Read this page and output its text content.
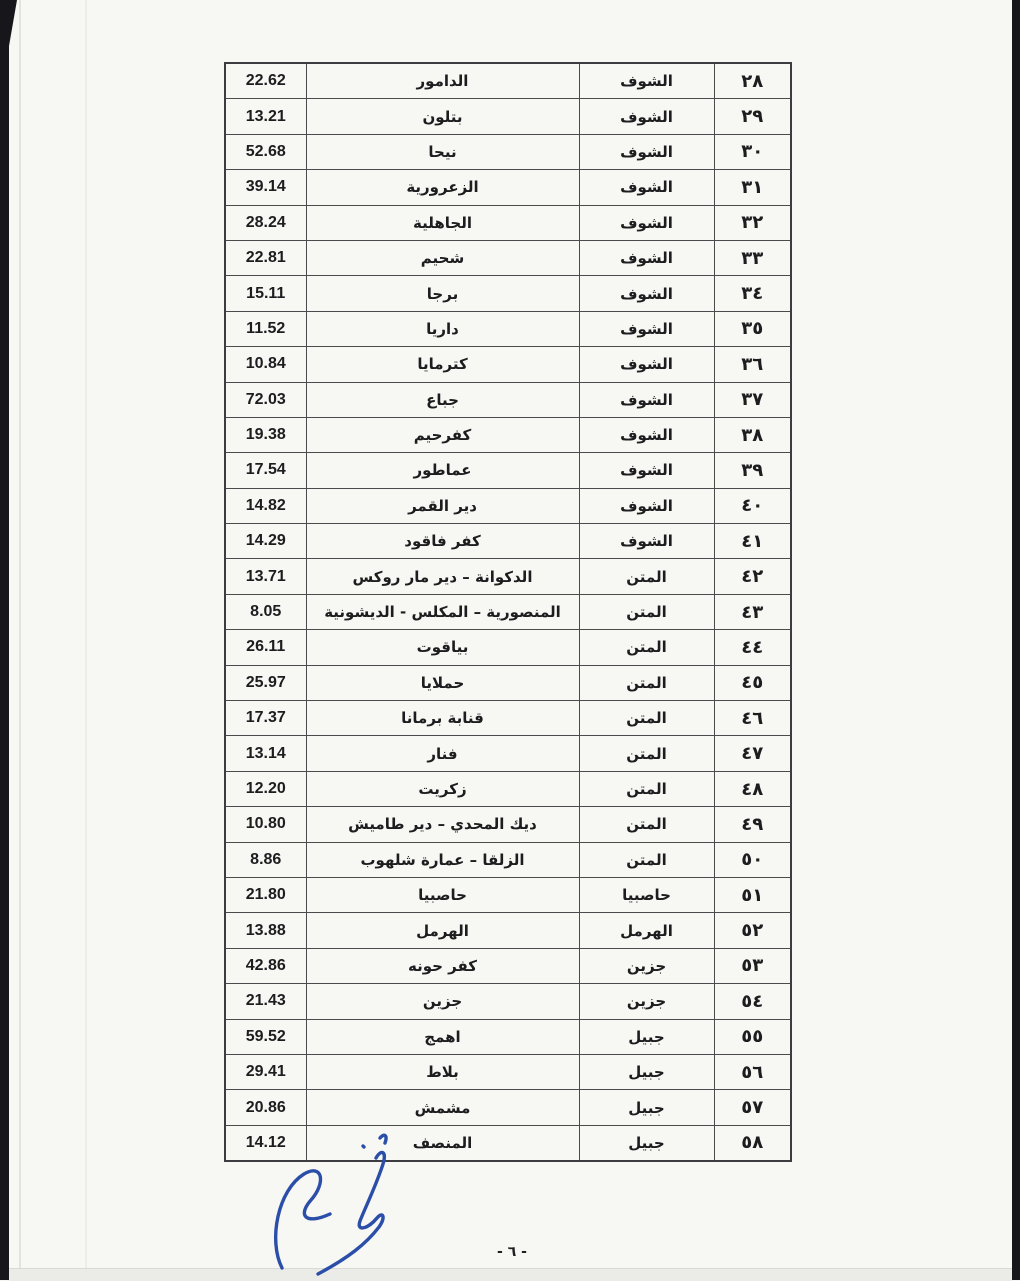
٢٨	الشوف	الدامور	22.62
٢٩	الشوف	بتلون	13.21
٣٠	الشوف	نيحا	52.68
٣١	الشوف	الزعرورية	39.14
٣٢	الشوف	الجاهلية	28.24
٣٣	الشوف	شحيم	22.81
٣٤	الشوف	برجا	15.11
٣٥	الشوف	داريا	11.52
٣٦	الشوف	كترمايا	10.84
٣٧	الشوف	جباع	72.03
٣٨	الشوف	كفرحيم	19.38
٣٩	الشوف	عماطور	17.54
٤٠	الشوف	دير القمر	14.82
٤١	الشوف	كفر فاقود	14.29
٤٢	المتن	الدكوانة – دير مار روكس	13.71
٤٣	المتن	المنصورية – المكلس - الديشونية	8.05
٤٤	المتن	بياقوت	26.11
٤٥	المتن	حملايا	25.97
٤٦	المتن	قنابة برمانا	17.37
٤٧	المتن	فنار	13.14
٤٨	المتن	زكريت	12.20
٤٩	المتن	ديك المحدي – دير طاميش	10.80
٥٠	المتن	الزلقا – عمارة شلهوب	8.86
٥١	حاصبيا	حاصبيا	21.80
٥٢	الهرمل	الهرمل	13.88
٥٣	جزين	كفر حونه	42.86
٥٤	جزين	جزين	21.43
٥٥	جبيل	اهمج	59.52
٥٦	جبيل	بلاط	29.41
٥٧	جبيل	مشمش	20.86
٥٨	جبيل	المنصف	14.12
- ٦ -
